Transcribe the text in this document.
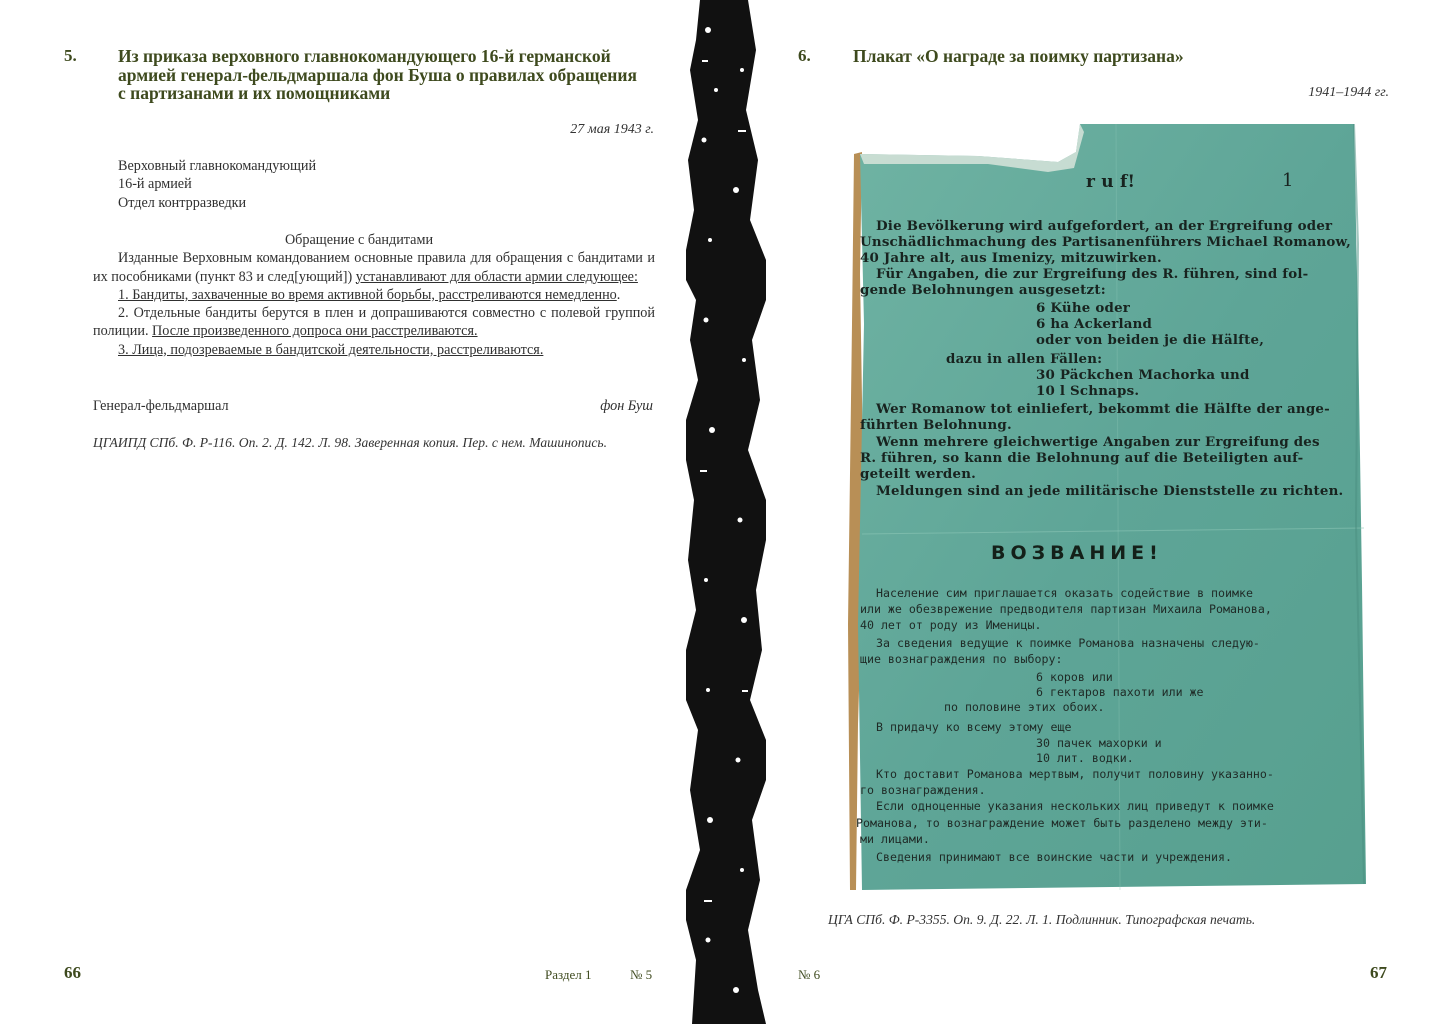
5. Из приказа верховного главнокомандующего 16-й германской
армией генерал-фельдмаршала фон Буша о правилах обращения
с партизанами и их помощниками
27 мая 1943 г.
Верховный главнокомандующий
16-й армией
Отдел контрразведки
Обращение с бандитами
Изданные Верховным командованием основные правила для обращения с бандитами и их пособниками (пункт 83 и след[ующий]) устанавливают для области армии следующее:
1. Бандиты, захваченные во время активной борьбы, расстреливаются немедленно.
2. Отдельные бандиты берутся в плен и допрашиваются совместно с полевой группой полиции. После произведенного допроса они расстреливаются.
3. Лица, подозреваемые в бандитской деятельности, расстреливаются.
Генерал-фельдмаршал	фон Буш
ЦГАИПД СПб. Ф. Р-116. Оп. 2. Д. 142. Л. 98. Заверенная копия. Пер. с нем. Машинопись.
66	Раздел 1	№ 5
6. Плакат «О награде за поимку партизана»
1941–1944 гг.
ЦГА СПб. Ф. Р-3355. Оп. 9. Д. 22. Л. 1. Подлинник. Типографская печать.
№ 6	67
r u f!	1
Die Bevölkerung wird aufgefordert, an der Ergreifung oder
Unschädlichmachung des Partisanenführers Michael Romanow,
40 Jahre alt, aus Imenizy, mitzuwirken.
Für Angaben, die zur Ergreifung des R. führen, sind fol-
gende Belohnungen ausgesetzt:
6 Kühe oder
6 ha Ackerland
oder von beiden je die Hälfte,
dazu in allen Fällen:
30 Päckchen Machorka und
10 l Schnaps.
Wer Romanow tot einliefert, bekommt die Hälfte der ange-
führten Belohnung.
Wenn mehrere gleichwertige Angaben zur Ergreifung des
R. führen, so kann die Belohnung auf die Beteiligten auf-
geteilt werden.
Meldungen sind an jede militärische Dienststelle zu richten.
ВОЗВАНИЕ!
Население сим приглашается оказать содействие в поимке
или же обезврежение предводителя партизан Михаила Романова,
40 лет от роду из Имeницы.
За сведения ведущие к поимке Романова назначены следую-
щие вознаграждения по выбору:
6 коров или
6 гектаров пахоти или же
по половине этих обоих.
В придачу ко всему этому еще
30 пачек махорки и
10 лит. водки.
Кто доставит Романова мертвым, получит половину указанно-
го вознаграждения.
Если одноценные указания нескольких лиц приведут к поимке
Романова, то вознаграждение может быть разделено между эти-
ми лицами.
Сведения принимают все воинские части и учреждения.
